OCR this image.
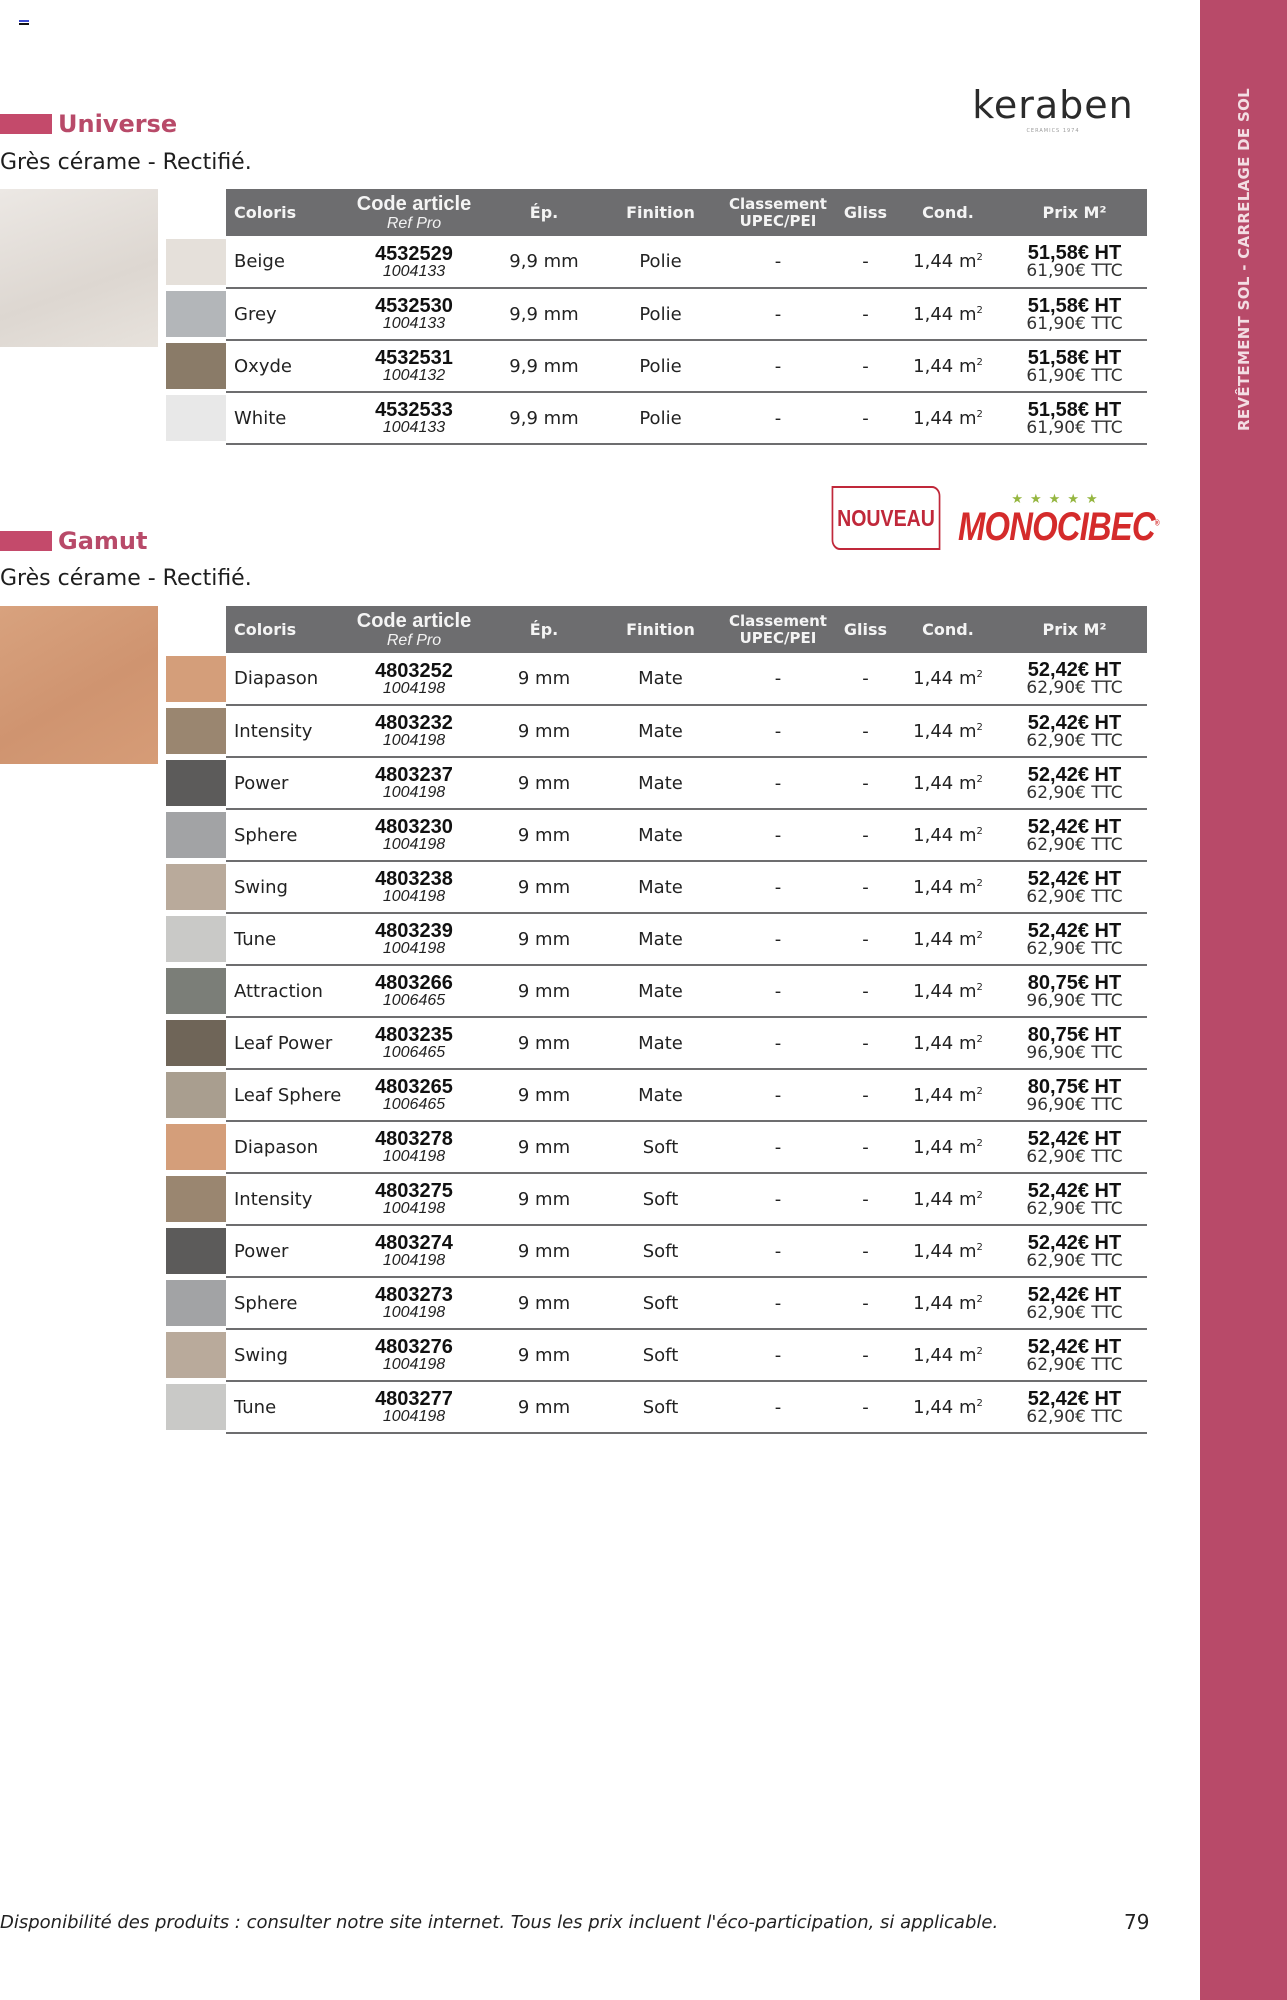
REVÊTEMENT SOL - CARRELAGE DE SOL
keraben
CERAMICS 1974
Universe
Grès cérame - Rectifié.
Coloris	Code article
Ref Pro	Ép.	Finition	Classement
UPEC/PEI	Gliss	Cond.	Prix M²
Beige	4532529
1004133	9,9 mm	Polie	-	-	1,44 $m^2$	51,58€ HT
61,90€ TTC

Grey	4532530
1004133	9,9 mm	Polie	-	-	1,44 $m^2$	51,58€ HT
61,90€ TTC

Oxyde	4532531
1004132	9,9 mm	Polie	-	-	1,44 $m^2$	51,58€ HT
61,90€ TTC

White	4532533
1004133	9,9 mm	Polie	-	-	1,44 $m^2$	51,58€ HT
61,90€ TTC
NOUVEAU
★★★★★
MONOCIBEC®
Gamut
Grès cérame - Rectifié.
Coloris	Code article
Ref Pro	Ép.	Finition	Classement
UPEC/PEI	Gliss	Cond.	Prix M²
Diapason	4803252
1004198	9 mm	Mate	-	-	1,44 $m^2$	52,42€ HT
62,90€ TTC

Intensity	4803232
1004198	9 mm	Mate	-	-	1,44 $m^2$	52,42€ HT
62,90€ TTC

Power	4803237
1004198	9 mm	Mate	-	-	1,44 $m^2$	52,42€ HT
62,90€ TTC

Sphere	4803230
1004198	9 mm	Mate	-	-	1,44 $m^2$	52,42€ HT
62,90€ TTC

Swing	4803238
1004198	9 mm	Mate	-	-	1,44 $m^2$	52,42€ HT
62,90€ TTC

Tune	4803239
1004198	9 mm	Mate	-	-	1,44 $m^2$	52,42€ HT
62,90€ TTC

Attraction	4803266
1006465	9 mm	Mate	-	-	1,44 $m^2$	80,75€ HT
96,90€ TTC

Leaf Power	4803235
1006465	9 mm	Mate	-	-	1,44 $m^2$	80,75€ HT
96,90€ TTC

Leaf Sphere	4803265
1006465	9 mm	Mate	-	-	1,44 $m^2$	80,75€ HT
96,90€ TTC

Diapason	4803278
1004198	9 mm	Soft	-	-	1,44 $m^2$	52,42€ HT
62,90€ TTC

Intensity	4803275
1004198	9 mm	Soft	-	-	1,44 $m^2$	52,42€ HT
62,90€ TTC

Power	4803274
1004198	9 mm	Soft	-	-	1,44 $m^2$	52,42€ HT
62,90€ TTC

Sphere	4803273
1004198	9 mm	Soft	-	-	1,44 $m^2$	52,42€ HT
62,90€ TTC

Swing	4803276
1004198	9 mm	Soft	-	-	1,44 $m^2$	52,42€ HT
62,90€ TTC

Tune	4803277
1004198	9 mm	Soft	-	-	1,44 $m^2$	52,42€ HT
62,90€ TTC
Disponibilité des produits : consulter notre site internet. Tous les prix incluent l'éco-participation, si applicable.	79
